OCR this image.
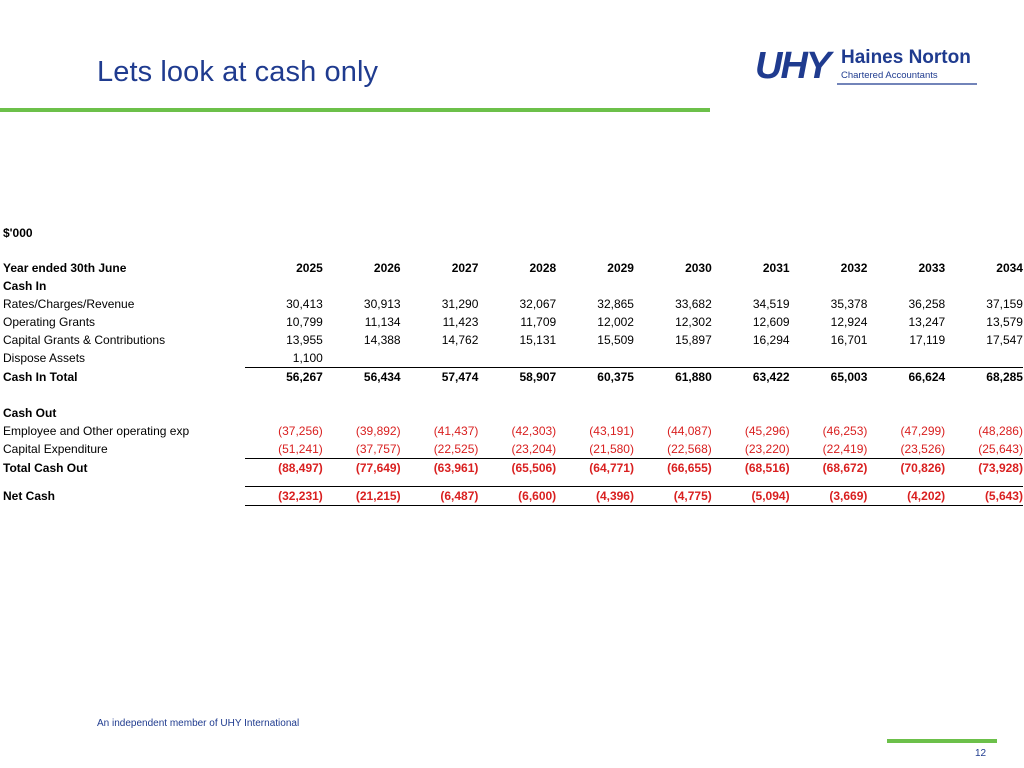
Lets look at cash only	UHY Haines Norton
Chartered Accountants
$'000
Year ended 30th June	2025	2026	2027	2028	2029	2030	2031	2032	2033	2034
Cash In										
Rates/Charges/Revenue	30,413	30,913	31,290	32,067	32,865	33,682	34,519	35,378	36,258	37,159
Operating Grants	10,799	11,134	11,423	11,709	12,002	12,302	12,609	12,924	13,247	13,579
Capital Grants & Contributions	13,955	14,388	14,762	15,131	15,509	15,897	16,294	16,701	17,119	17,547
Dispose Assets	1,100									
Cash In Total	56,267	56,434	57,474	58,907	60,375	61,880	63,422	65,003	66,624	68,285

Cash Out										
Employee and Other operating exp	(37,256)	(39,892)	(41,437)	(42,303)	(43,191)	(44,087)	(45,296)	(46,253)	(47,299)	(48,286)
Capital Expenditure	(51,241)	(37,757)	(22,525)	(23,204)	(21,580)	(22,568)	(23,220)	(22,419)	(23,526)	(25,643)
Total Cash Out	(88,497)	(77,649)	(63,961)	(65,506)	(64,771)	(66,655)	(68,516)	(68,672)	(70,826)	(73,928)

Net Cash	(32,231)	(21,215)	(6,487)	(6,600)	(4,396)	(4,775)	(5,094)	(3,669)	(4,202)	(5,643)
An independent member of UHY International
12
